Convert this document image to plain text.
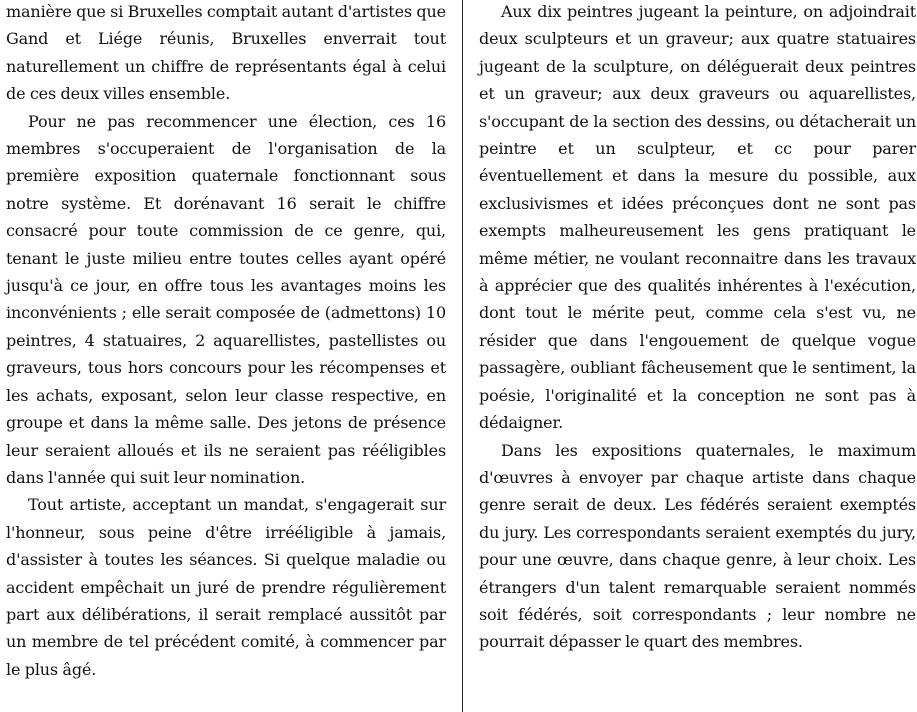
manière que si Bruxelles comptait autant d'artistes que Gand et Liége réunis, Bruxelles enverrait tout naturellement un chiffre de représentants égal à celui de ces deux villes ensemble.

Pour ne pas recommencer une élection, ces 16 membres s'occuperaient de l'organisation de la première exposition quaternale fonctionnant sous notre système. Et dorénavant 16 serait le chiffre consacré pour toute commission de ce genre, qui, tenant le juste milieu entre toutes celles ayant opéré jusqu'à ce jour, en offre tous les avantages moins les inconvénients ; elle serait composée de (admettons) 10 peintres, 4 statuaires, 2 aquarellistes, pastellistes ou graveurs, tous hors concours pour les récompenses et les achats, exposant, selon leur classe respective, en groupe et dans la même salle. Des jetons de présence leur seraient alloués et ils ne seraient pas rééligibles dans l'année qui suit leur nomination.

Tout artiste, acceptant un mandat, s'engagerait sur l'honneur, sous peine d'être irrééligible à jamais, d'assister à toutes les séances. Si quelque maladie ou accident empêchait un juré de prendre régulièrement part aux délibérations, il serait remplacé aussitôt par un membre de tel précédent comité, à commencer par le plus âgé.

Aux dix peintres jugeant la peinture, on adjoindrait deux sculpteurs et un graveur; aux quatre statuaires jugeant de la sculpture, on déléguerait deux peintres et un graveur; aux deux graveurs ou aquarellistes, s'occupant de la section des dessins, ou détacherait un peintre et un sculpteur, et cc pour parer éventuellement et dans la mesure du possible, aux exclusivismes et idées préconçues dont ne sont pas exempts malheureusement les gens pratiquant le même métier, ne voulant reconnaitre dans les travaux à apprécier que des qualités inhérentes à l'exécution, dont tout le mérite peut, comme cela s'est vu, ne résider que dans l'engouement de quelque vogue passagère, oubliant fâcheusement que le sentiment, la poésie, l'originalité et la conception ne sont pas à dédaigner.

Dans les expositions quaternales, le maximum d'œuvres à envoyer par chaque artiste dans chaque genre serait de deux. Les fédérés seraient exemptés du jury. Les correspondants seraient exemptés du jury, pour une œuvre, dans chaque genre, à leur choix. Les étrangers d'un talent remarquable seraient nommés soit fédérés, soit correspondants ; leur nombre ne pourrait dépasser le quart des membres.
